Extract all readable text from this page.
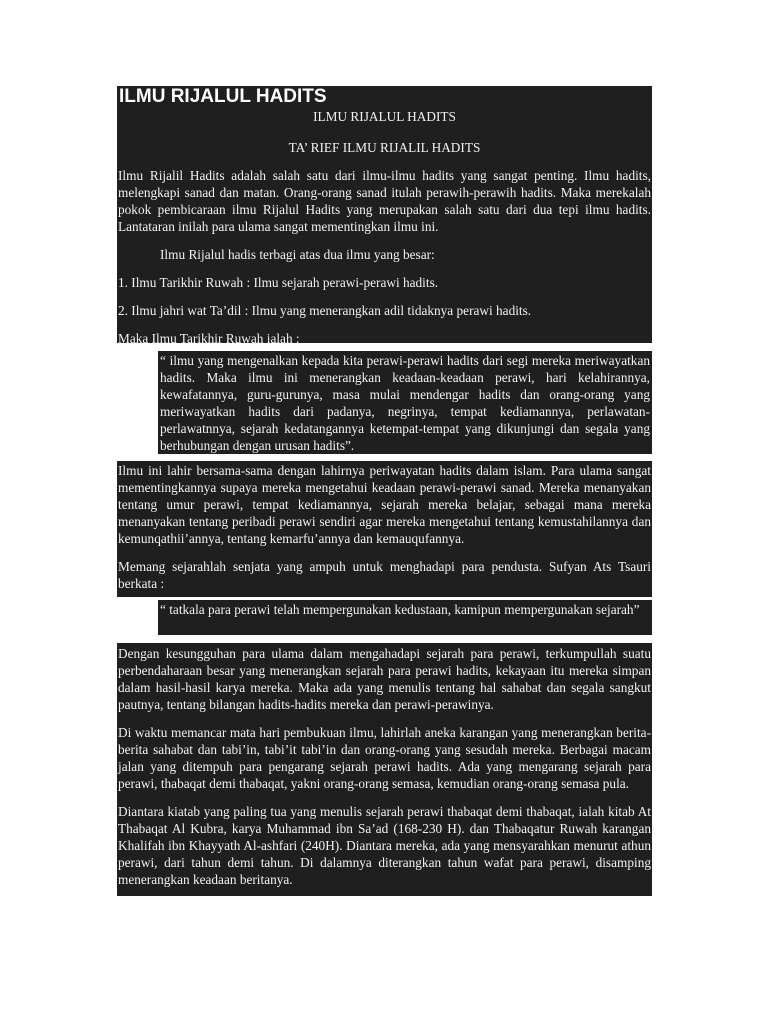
ILMU RIJALUL HADITS
ILMU RIJALUL HADITS
TA’ RIEF ILMU RIJALIL HADITS

Ilmu Rijalil Hadits adalah salah satu dari ilmu-ilmu hadits yang sangat penting. Ilmu hadits, melengkapi sanad dan matan. Orang-orang sanad itulah perawih-perawih hadits. Maka merekalah pokok pembicaraan ilmu Rijalul Hadits yang merupakan salah satu dari dua tepi ilmu hadits. Lantataran inilah para ulama sangat mementingkan ilmu ini.

Ilmu Rijalul hadis terbagi atas dua ilmu yang besar:

1. Ilmu Tarikhir Ruwah : Ilmu sejarah perawi-perawi hadits.

2. Ilmu jahri wat Ta’dil : Ilmu yang menerangkan adil tidaknya perawi hadits.

Maka Ilmu Tarikhir Ruwah ialah :

“ ilmu yang mengenalkan kepada kita perawi-perawi hadits dari segi mereka meriwayatkan hadits. Maka ilmu ini menerangkan keadaan-keadaan perawi, hari kelahirannya, kewafatannya, guru-gurunya, masa mulai mendengar hadits dan orang-orang yang meriwayatkan hadits dari padanya, negrinya, tempat kediamannya, perlawatan-perlawatnnya, sejarah kedatangannya ketempat-tempat yang dikunjungi dan segala yang berhubungan dengan urusan hadits”.

Ilmu ini lahir bersama-sama dengan lahirnya periwayatan hadits dalam islam. Para ulama sangat mementingkannya supaya mereka mengetahui keadaan perawi-perawi sanad. Mereka menanyakan tentang umur perawi, tempat kediamannya, sejarah mereka belajar, sebagai mana mereka menanyakan tentang peribadi perawi sendiri agar mereka mengetahui tentang kemustahilannya dan kemunqathii’annya, tentang kemarfu’annya dan kemauqufannya.

Memang sejarahlah senjata yang ampuh untuk menghadapi para pendusta. Sufyan Ats Tsauri berkata :

“ tatkala para perawi telah mempergunakan kedustaan, kamipun mempergunakan sejarah”

Dengan kesungguhan para ulama dalam mengahadapi sejarah para perawi, terkumpullah suatu perbendaharaan besar yang menerangkan sejarah para perawi hadits, kekayaan itu mereka simpan dalam hasil-hasil karya mereka. Maka ada yang menulis tentang hal sahabat dan segala sangkut pautnya, tentang bilangan hadits-hadits mereka dan perawi-perawinya.

Di waktu memancar mata hari pembukuan ilmu, lahirlah aneka karangan yang menerangkan berita-berita sahabat dan tabi’in, tabi’it tabi’in dan orang-orang yang sesudah mereka. Berbagai macam jalan yang ditempuh para pengarang sejarah perawi hadits. Ada yang mengarang sejarah para perawi, thabaqat demi thabaqat, yakni orang-orang semasa, kemudian orang-orang semasa pula.

Diantara kiatab yang paling tua yang menulis sejarah perawi thabaqat demi thabaqat, ialah kitab At Thabaqat Al Kubra, karya Muhammad ibn Sa’ad (168-230 H). dan Thabaqatur Ruwah karangan Khalifah ibn Khayyath Al-ashfari (240H). Diantara mereka, ada yang mensyarahkan menurut athun perawi, dari tahun demi tahun. Di dalamnya diterangkan tahun wafat para perawi, disamping menerangkan keadaan beritanya.
